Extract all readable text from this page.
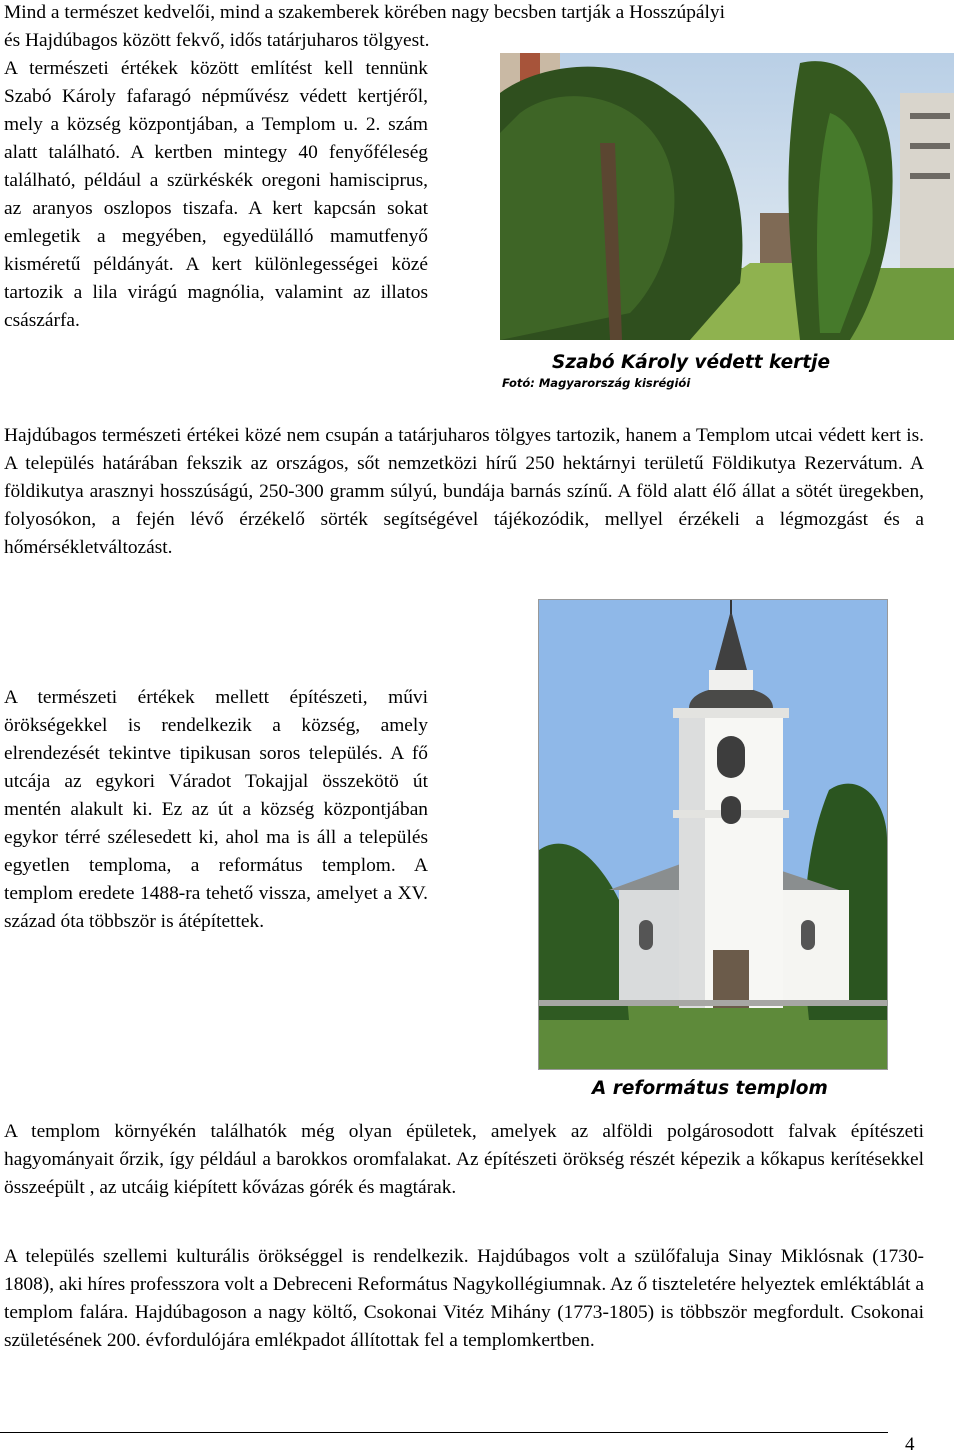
Mind a természet kedvelői, mind a szakemberek körében nagy becsben tartják a Hosszúpályi
és Hajdúbagos között fekvő, idős tatárjuharos tölgyest.
A természeti értékek között említést kell tennünk Szabó Károly fafaragó népművész védett kertjéről, mely a község központjában, a Templom u. 2. szám alatt található. A kertben mintegy 40 fenyőféleség található, például a szürkéskék oregoni hamisciprus, az aranyos oszlopos tiszafa. A kert kapcsán sokat emlegetik a megyében, egyedülálló mamutfenyő kisméretű példányát. A kert különlegességei közé tartozik a lila virágú magnólia, valamint az illatos császárfa.
Szabó Károly védett kertje
Fotó: Magyarország kisrégiói
Hajdúbagos természeti értékei közé nem csupán a tatárjuharos tölgyes tartozik, hanem a Templom utcai védett kert is. A település határában fekszik az országos, sőt nemzetközi hírű 250 hektárnyi területű Földikutya Rezervátum. A földikutya arasznyi hosszúságú, 250-300 gramm súlyú, bundája barnás színű. A föld alatt élő állat a sötét üregekben, folyosókon, a fején lévő érzékelő sörték segítségével tájékozódik, mellyel érzékeli a légmozgást és a hőmérsékletváltozást.
A természeti értékek mellett építészeti, művi örökségekkel is rendelkezik a község, amely elrendezését tekintve tipikusan soros település. A fő utcája az egykori Váradot Tokajjal összekötö út mentén alakult ki. Ez az út a község központjában egykor térré szélesedett ki, ahol ma is áll a település egyetlen temploma, a református templom. A templom eredete 1488-ra tehető vissza, amelyet a XV. század óta többször is átépítettek.
A református templom
A templom környékén találhatók még olyan épületek, amelyek az alföldi polgárosodott falvak építészeti hagyományait őrzik, így például a barokkos oromfalakat. Az építészeti örökség részét képezik a kőkapus kerítésekkel összeépült , az utcáig kiépített kővázas górék és magtárak.
A település szellemi kulturális örökséggel is rendelkezik. Hajdúbagos volt a szülőfaluja Sinay Miklósnak (1730-1808), aki híres professzora volt a Debreceni Református Nagykollégiumnak. Az ő tiszteletére helyeztek emléktáblát a templom falára. Hajdúbagoson a nagy költő, Csokonai Vitéz Mihány (1773-1805) is többször megfordult. Csokonai születésének 200. évfordulójára emlékpadot állítottak fel a templomkertben.
4
